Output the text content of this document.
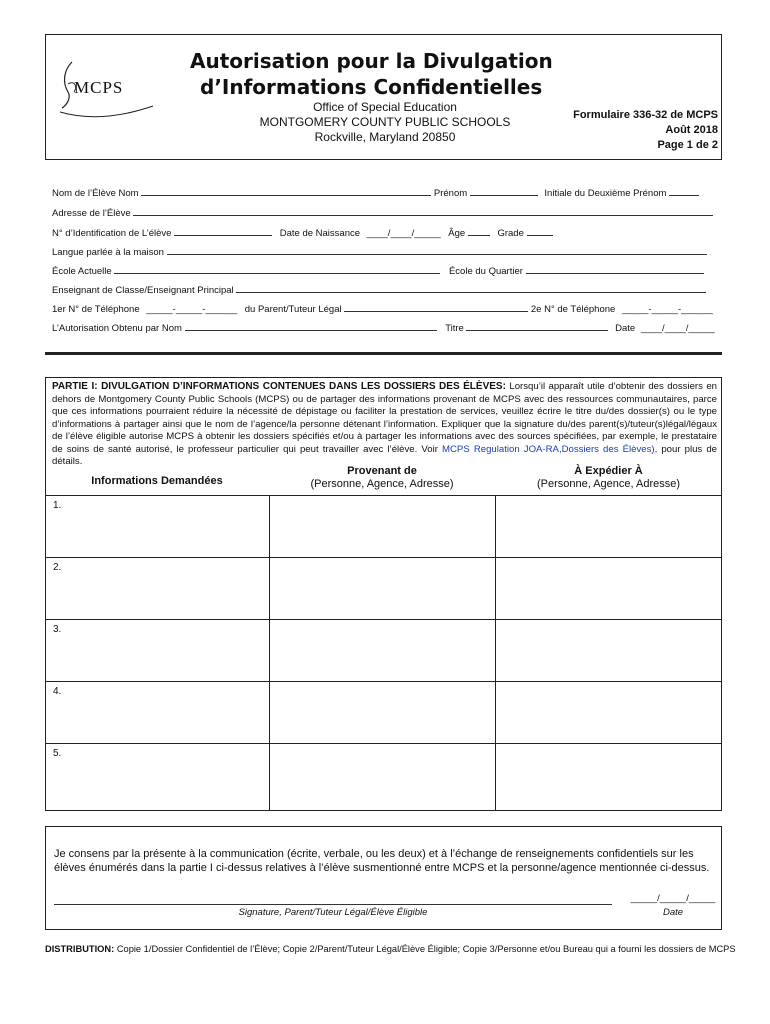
MCPS
Autorisation pour la Divulgation
d’Informations Confidentielles
Office of Special Education
MONTGOMERY COUNTY PUBLIC SCHOOLS
Rockville, Maryland 20850
Formulaire 336-32 de MCPS
Août 2018
Page 1 de 2
Nom de l’Élève Nom	Prénom	Initiale du Deuxième Prénom
Adresse de l’Élève
N° d’Identification de L’élève	Date de Naissance ____/____/_____ Âge	Grade
Langue parlée à la maison
École Actuelle	École du Quartier
Enseignant de Classe/Enseignant Principal
1er N° de Téléphone _____-_____-______ du Parent/Tuteur Légal	2e N° de Téléphone _____-_____-______
L’Autorisation Obtenu par Nom	Titre	Date ____/____/_____
PARTIE I: DIVULGATION D’INFORMATIONS CONTENUES DANS LES DOSSIERS DES ÉLÈVES: Lorsqu’il apparaît utile d’obtenir des dossiers en dehors de Montgomery County Public Schools (MCPS) ou de partager des informations provenant de MCPS avec des ressources communautaires, parce que ces informations pourraient réduire la nécessité de dépistage ou faciliter la prestation de services, veuillez écrire le titre du/des dossier(s) ou le type d’informations à partager ainsi que le nom de l’agence/la personne détenant l’information. Expliquer que la signature du/des parent(s)/tuteur(s)légal/légaux de l’élève éligible autorise MCPS à obtenir les dossiers spécifiés et/ou à partager les informations avec des sources spécifiées, par exemple, le prestataire de soins de santé autorisé, le professeur particulier qui peut travailler avec l’élève. Voir MCPS Regulation JOA-RA,Dossiers des Élèves), pour plus de détails.
Informations Demandées
Provenant de
(Personne, Agence, Adresse)
À Expédier À
(Personne, Agence, Adresse)
1.
2.
3.
4.
5.
Je consens par la présente à la communication (écrite, verbale, ou les deux) et à l’échange de renseignements confidentiels sur les élèves énumérés dans la partie I ci-dessus relatives à l’élève susmentionné entre MCPS et la personne/agence mentionnée ci-dessus.
Signature, Parent/Tuteur Légal/Élève Éligible
_____/_____/_____
Date
DISTRIBUTION: Copie 1/Dossier Confidentiel de l’Élève; Copie 2/Parent/Tuteur Légal/Élève Éligible; Copie 3/Personne et/ou Bureau qui a fourni les dossiers de MCPS
